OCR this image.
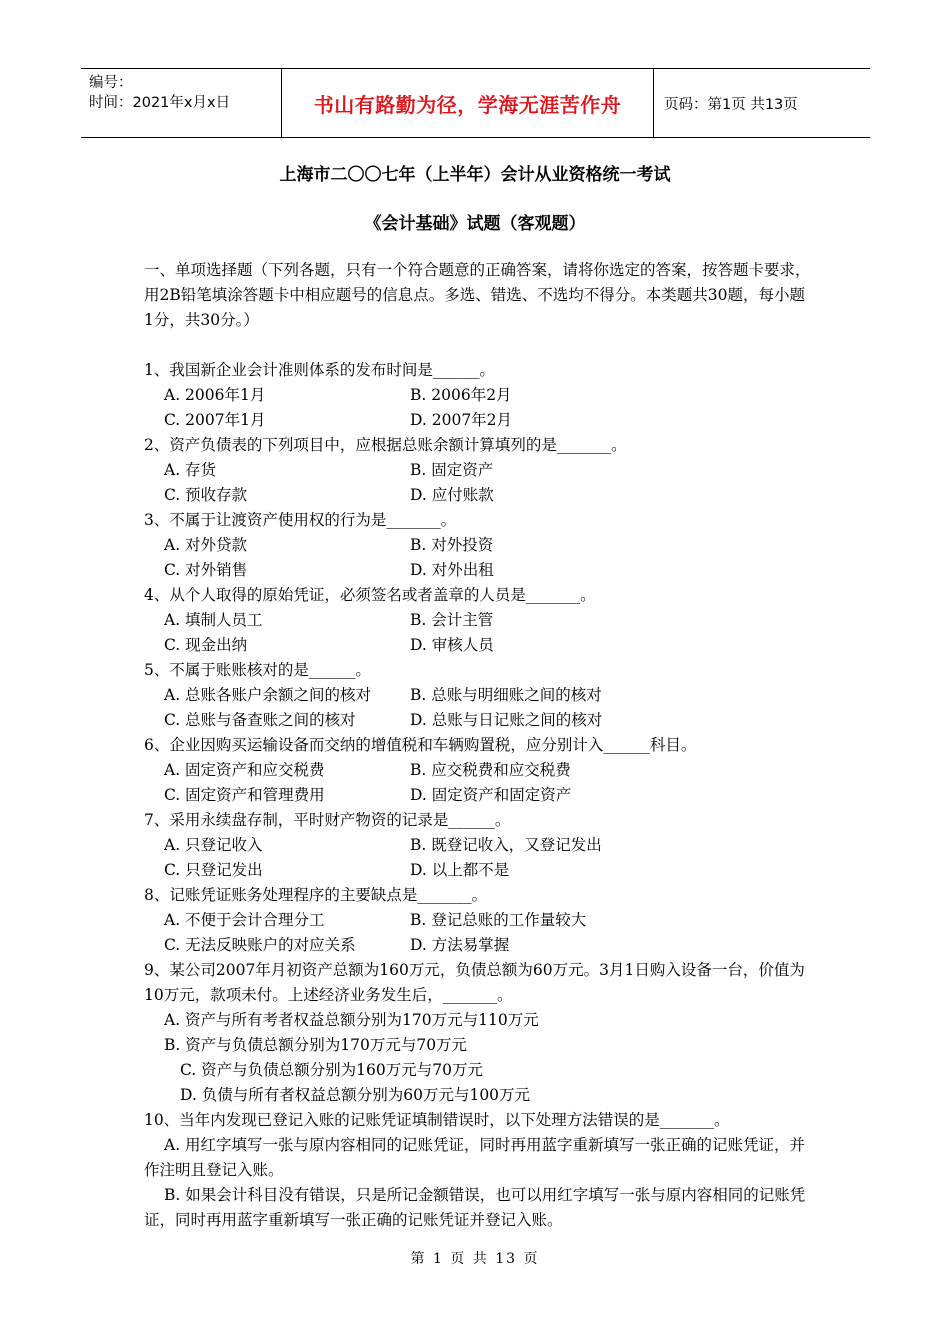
编号：
时间：2021年x月x日	书山有路勤为径，学海无涯苦作舟	页码：第1页 共13页
上海市二〇〇七年（上半年）会计从业资格统一考试
《会计基础》试题（客观题）

一、单项选择题（下列各题，只有一个符合题意的正确答案，请将你选定的答案，按答题卡要求，用2B铅笔填涂答题卡中相应题号的信息点。多选、错选、不选均不得分。本类题共30题，每小题1分，共30分。）

1、我国新企业会计准则体系的发布时间是______。

A. 2006年1月	B. 2006年2月
C. 2007年1月	D. 2007年2月

2、资产负债表的下列项目中，应根据总账余额计算填列的是_______。

A. 存货	B. 固定资产
C. 预收存款	D. 应付账款

3、不属于让渡资产使用权的行为是_______。

A. 对外贷款	B. 对外投资
C. 对外销售	D. 对外出租

4、从个人取得的原始凭证，必须签名或者盖章的人员是_______。

A. 填制人员工	B. 会计主管
C. 现金出纳	D. 审核人员

5、不属于账账核对的是______。

A. 总账各账户余额之间的核对	B. 总账与明细账之间的核对
C. 总账与备查账之间的核对	D. 总账与日记账之间的核对

6、企业因购买运输设备而交纳的增值税和车辆购置税，应分别计入______科目。

A. 固定资产和应交税费	B. 应交税费和应交税费
C. 固定资产和管理费用	D. 固定资产和固定资产

7、采用永续盘存制，平时财产物资的记录是______。

A. 只登记收入	B. 既登记收入，又登记发出
C. 只登记发出	D. 以上都不是

8、记账凭证账务处理程序的主要缺点是_______。

A. 不便于会计合理分工	B. 登记总账的工作量较大
C. 无法反映账户的对应关系	D. 方法易掌握

9、某公司2007年月初资产总额为160万元，负债总额为60万元。3月1日购入设备一台，价值为10万元，款项未付。上述经济业务发生后，_______。

A. 资产与所有考者权益总额分别为170万元与110万元
B. 资产与负债总额分别为170万元与70万元
C. 资产与负债总额分别为160万元与70万元
D. 负债与所有者权益总额分别为60万元与100万元

10、当年内发现已登记入账的记账凭证填制错误时，以下处理方法错误的是_______。

A. 用红字填写一张与原内容相同的记账凭证，同时再用蓝字重新填写一张正确的记账凭证，并作注明且登记入账。

B. 如果会计科目没有错误，只是所记金额错误，也可以用红字填写一张与原内容相同的记账凭证，同时再用蓝字重新填写一张正确的记账凭证并登记入账。

第 1 页 共 13 页
